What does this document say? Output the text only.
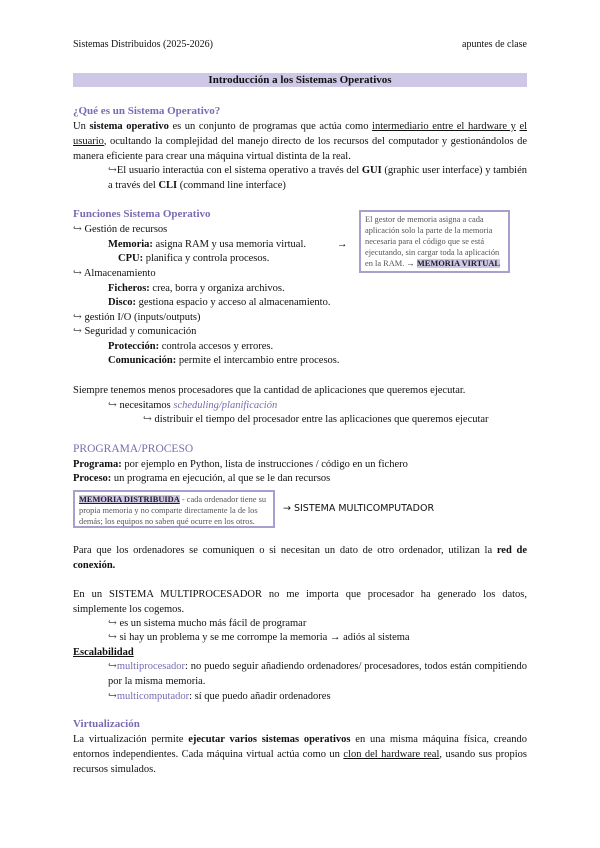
Sistemas Distribuidos (2025-2026)	apuntes de clase
Introducción a los Sistemas Operativos
¿Qué es un Sistema Operativo?
Un sistema operativo es un conjunto de programas que actúa como intermediario entre el hardware y el usuario, ocultando la complejidad del manejo directo de los recursos del computador y gestionándolos de manera eficiente para crear una máquina virtual distinta de la real.
↪El usuario interactúa con el sistema operativo a través del GUI (graphic user interface) y también a través del CLI (command line interface)
Funciones Sistema Operativo
↪ Gestión de recursos
Memoria: asigna RAM y usa memoria virtual.	→
CPU: planifica y controla procesos.
↪ Almacenamiento
Ficheros: crea, borra y organiza archivos.
Disco: gestiona espacio y acceso al almacenamiento.
↪ gestión I/O (inputs/outputs)
↪ Seguridad y comunicación
Protección: controla accesos y errores.
Comunicación: permite el intercambio entre procesos.
El gestor de memoria asigna a cada aplicación solo la parte de la memoria necesaria para el código que se está ejecutando, sin cargar toda la aplicación en la RAM. → MEMORIA VIRTUAL
Siempre tenemos menos procesadores que la cantidad de aplicaciones que queremos ejecutar.
↪ necesitamos scheduling/planificación
↪ distribuir el tiempo del procesador entre las aplicaciones que queremos ejecutar
PROGRAMA/PROCESO
Programa: por ejemplo en Python, lista de instrucciones / código en un fichero
Proceso: un programa en ejecución, al que se le dan recursos
MEMORIA DISTRIBUIDA - cada ordenador tiene su propia memoria y no comparte directamente la de los demás; los equipos no saben qué ocurre en los otros.
→ SISTEMA MULTICOMPUTADOR
Para que los ordenadores se comuniquen o si necesitan un dato de otro ordenador, utilizan la red de conexión.
En un SISTEMA MULTIPROCESADOR no me importa que procesador ha generado los datos, simplemente los cogemos.
↪ es un sistema mucho más fácil de programar
↪ si hay un problema y se me corrompe la memoria → adiós al sistema
Escalabilidad
↪multiprocesador: no puedo seguir añadiendo ordenadores/ procesadores, todos están compitiendo por la misma memoria.
↪multicomputador: sí que puedo añadir ordenadores
Virtualización
La virtualización permite ejecutar varios sistemas operativos en una misma máquina física, creando entornos independientes. Cada máquina virtual actúa como un clon del hardware real, usando sus propios recursos simulados.
